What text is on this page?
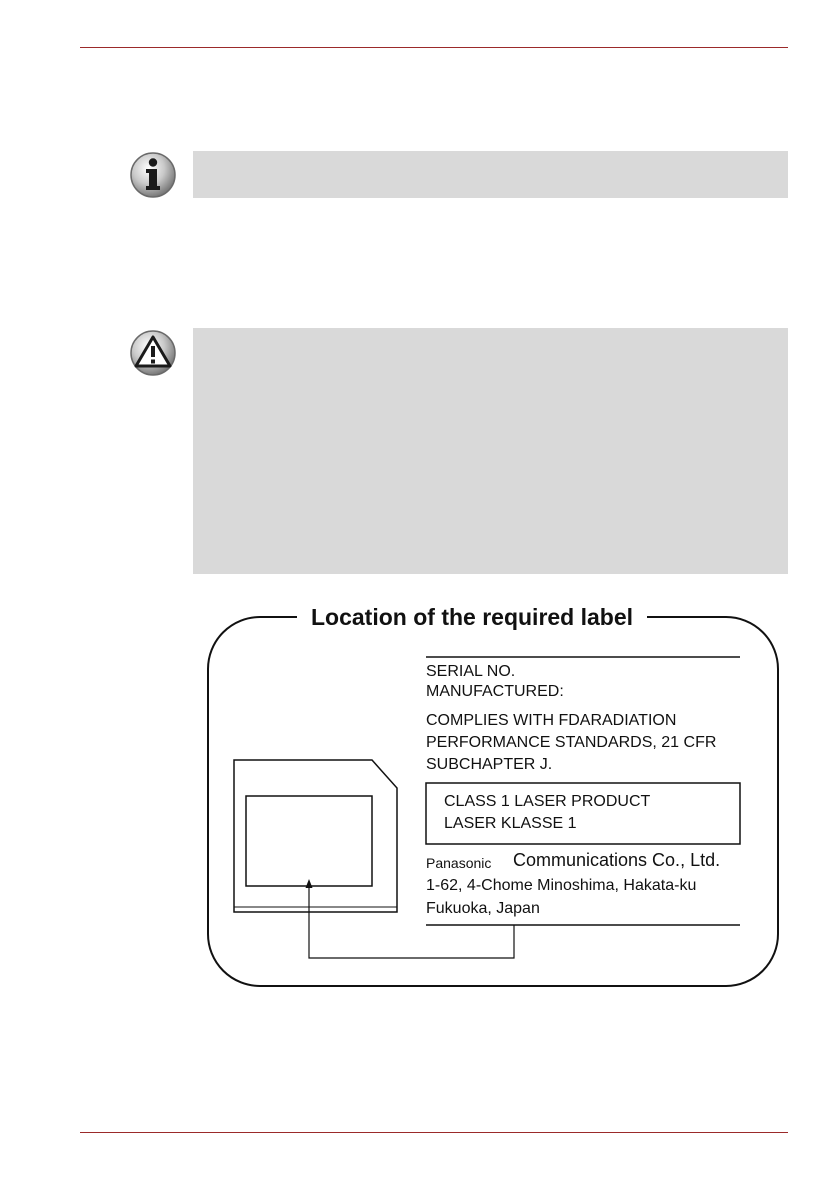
Location of the required label
SERIAL NO.
MANUFACTURED:
COMPLIES WITH FDARADIATION
PERFORMANCE STANDARDS, 21 CFR
SUBCHAPTER J.
CLASS 1 LASER PRODUCT
LASER KLASSE 1
Panasonic Communications Co., Ltd.
1-62, 4-Chome Minoshima, Hakata-ku
Fukuoka, Japan
